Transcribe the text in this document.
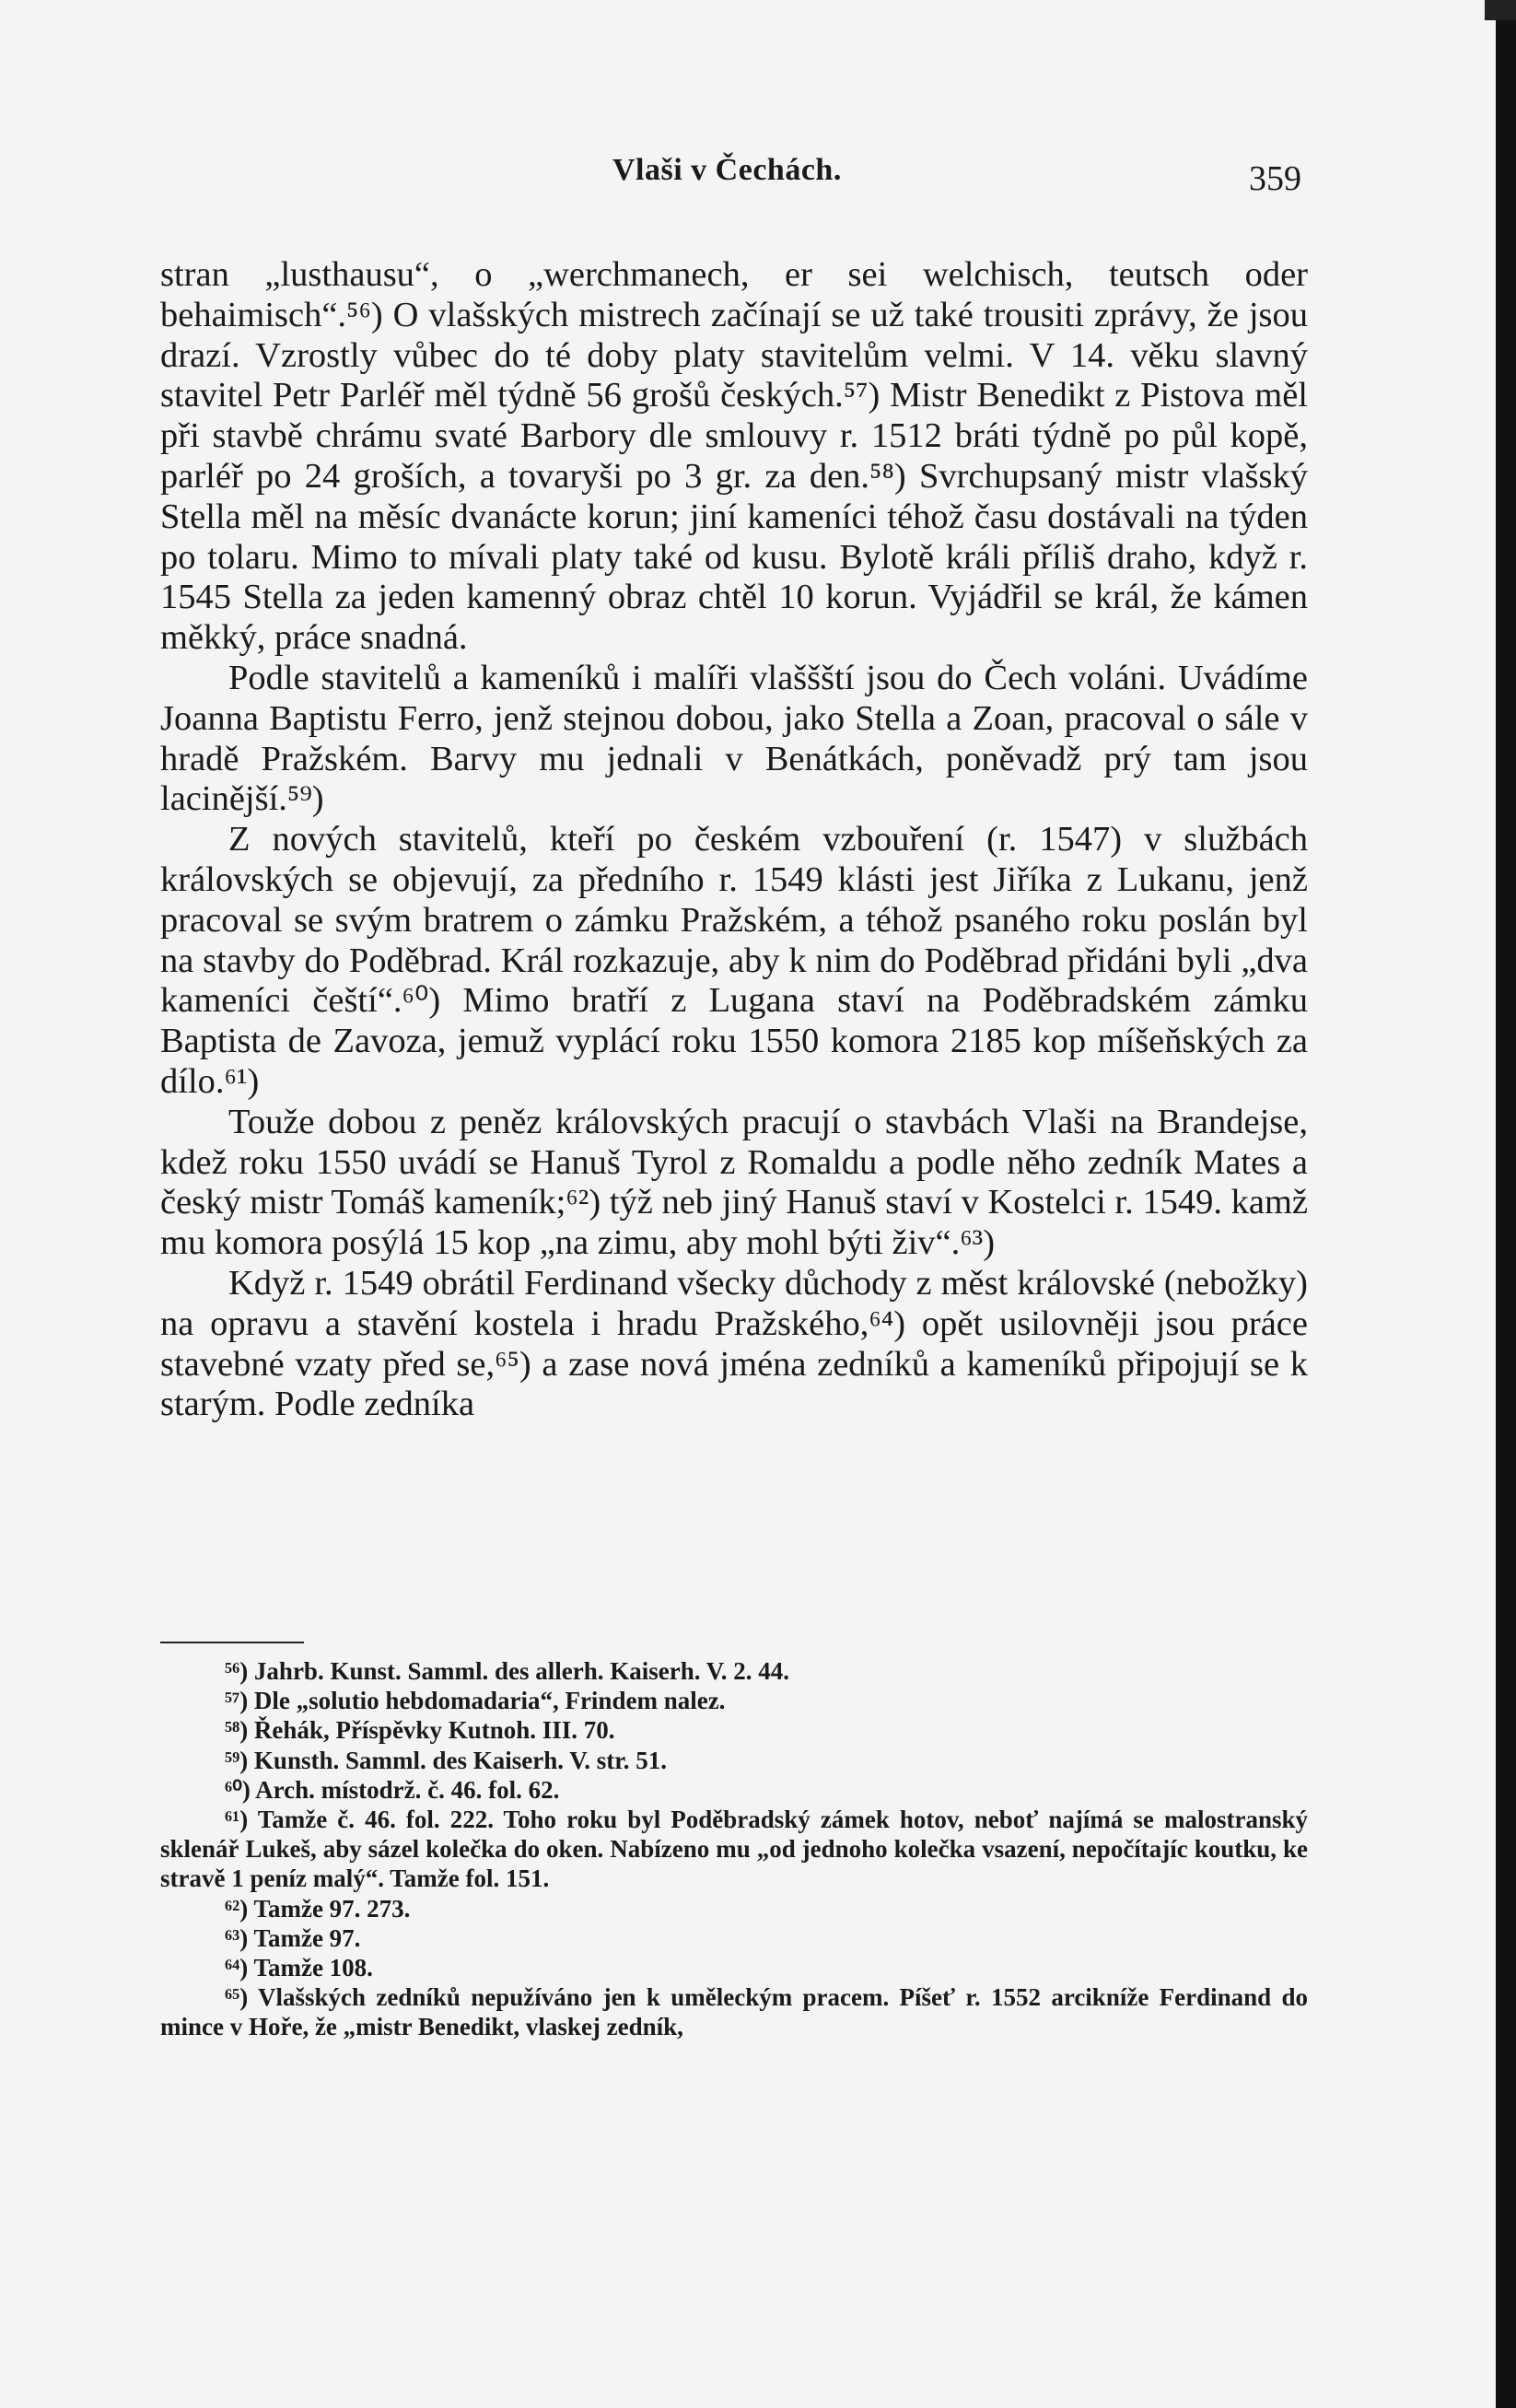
Vlaši v Čechách.	359

stran „lusthausu“, o „werchmanech, er sei welchisch, teutsch oder behaimisch“.⁵⁶) O vlašských mistrech začínají se už také trousiti zprávy, že jsou drazí. Vzrostly vůbec do té doby platy stavitelům velmi. V 14. věku slavný stavitel Petr Parléř měl týdně 56 grošů českých.⁵⁷) Mistr Benedikt z Pistova měl při stavbě chrámu svaté Barbory dle smlouvy r. 1512 bráti týdně po půl kopě, parléř po 24 groších, a tovaryši po 3 gr. za den.⁵⁸) Svrchupsaný mistr vlašský Stella měl na měsíc dvanácte korun; jiní kameníci téhož času dostávali na týden po tolaru. Mimo to mívali platy také od kusu. Bylotě králi příliš draho, když r. 1545 Stella za jeden kamenný obraz chtěl 10 korun. Vyjádřil se král, že kámen měkký, práce snadná.

Podle stavitelů a kameníků i malíři vlaššští jsou do Čech voláni. Uvádíme Joanna Baptistu Ferro, jenž stejnou dobou, jako Stella a Zoan, pracoval o sále v hradě Pražském. Barvy mu jednali v Benátkách, poněvadž prý tam jsou lacinější.⁵⁹)

Z nových stavitelů, kteří po českém vzbouření (r. 1547) v službách královských se objevují, za předního r. 1549 klásti jest Jiříka z Lukanu, jenž pracoval se svým bratrem o zámku Pražském, a téhož psaného roku poslán byl na stavby do Poděbrad. Král rozkazuje, aby k nim do Poděbrad přidáni byli „dva kameníci čeští“.⁶⁰) Mimo bratří z Lugana staví na Poděbradském zámku Baptista de Zavoza, jemuž vyplácí roku 1550 komora 2185 kop míšeňských za dílo.⁶¹)

Touže dobou z peněz královských pracují o stavbách Vlaši na Brandejse, kdež roku 1550 uvádí se Hanuš Tyrol z Romaldu a podle něho zedník Mates a český mistr Tomáš kameník;⁶²) týž neb jiný Hanuš staví v Kostelci r. 1549. kamž mu komora posýlá 15 kop „na zimu, aby mohl býti živ“.⁶³)

Když r. 1549 obrátil Ferdinand všecky důchody z měst královské (nebožky) na opravu a stavění kostela i hradu Pražského,⁶⁴) opět usilovněji jsou práce stavebné vzaty před se,⁶⁵) a zase nová jména zedníků a kameníků připojují se k starým. Podle zedníka

⁵⁶) Jahrb. Kunst. Samml. des allerh. Kaiserh. V. 2. 44.

⁵⁷) Dle „solutio hebdomadaria“, Frindem nalez.

⁵⁸) Řehák, Příspěvky Kutnoh. III. 70.

⁵⁹) Kunsth. Samml. des Kaiserh. V. str. 51.

⁶⁰) Arch. místodrž. č. 46. fol. 62.

⁶¹) Tamže č. 46. fol. 222. Toho roku byl Poděbradský zámek hotov, neboť najímá se malostranský sklenář Lukeš, aby sázel kolečka do oken. Nabízeno mu „od jednoho kolečka vsazení, nepočítajíc koutku, ke stravě 1 peníz malý“. Tamže fol. 151.

⁶²) Tamže 97. 273.

⁶³) Tamže 97.

⁶⁴) Tamže 108.

⁶⁵) Vlašských zedníků nepužíváno jen k uměleckým pracem. Píšeť r. 1552 arcikníže Ferdinand do mince v Hoře, že „mistr Benedikt, vlaskej zedník,
